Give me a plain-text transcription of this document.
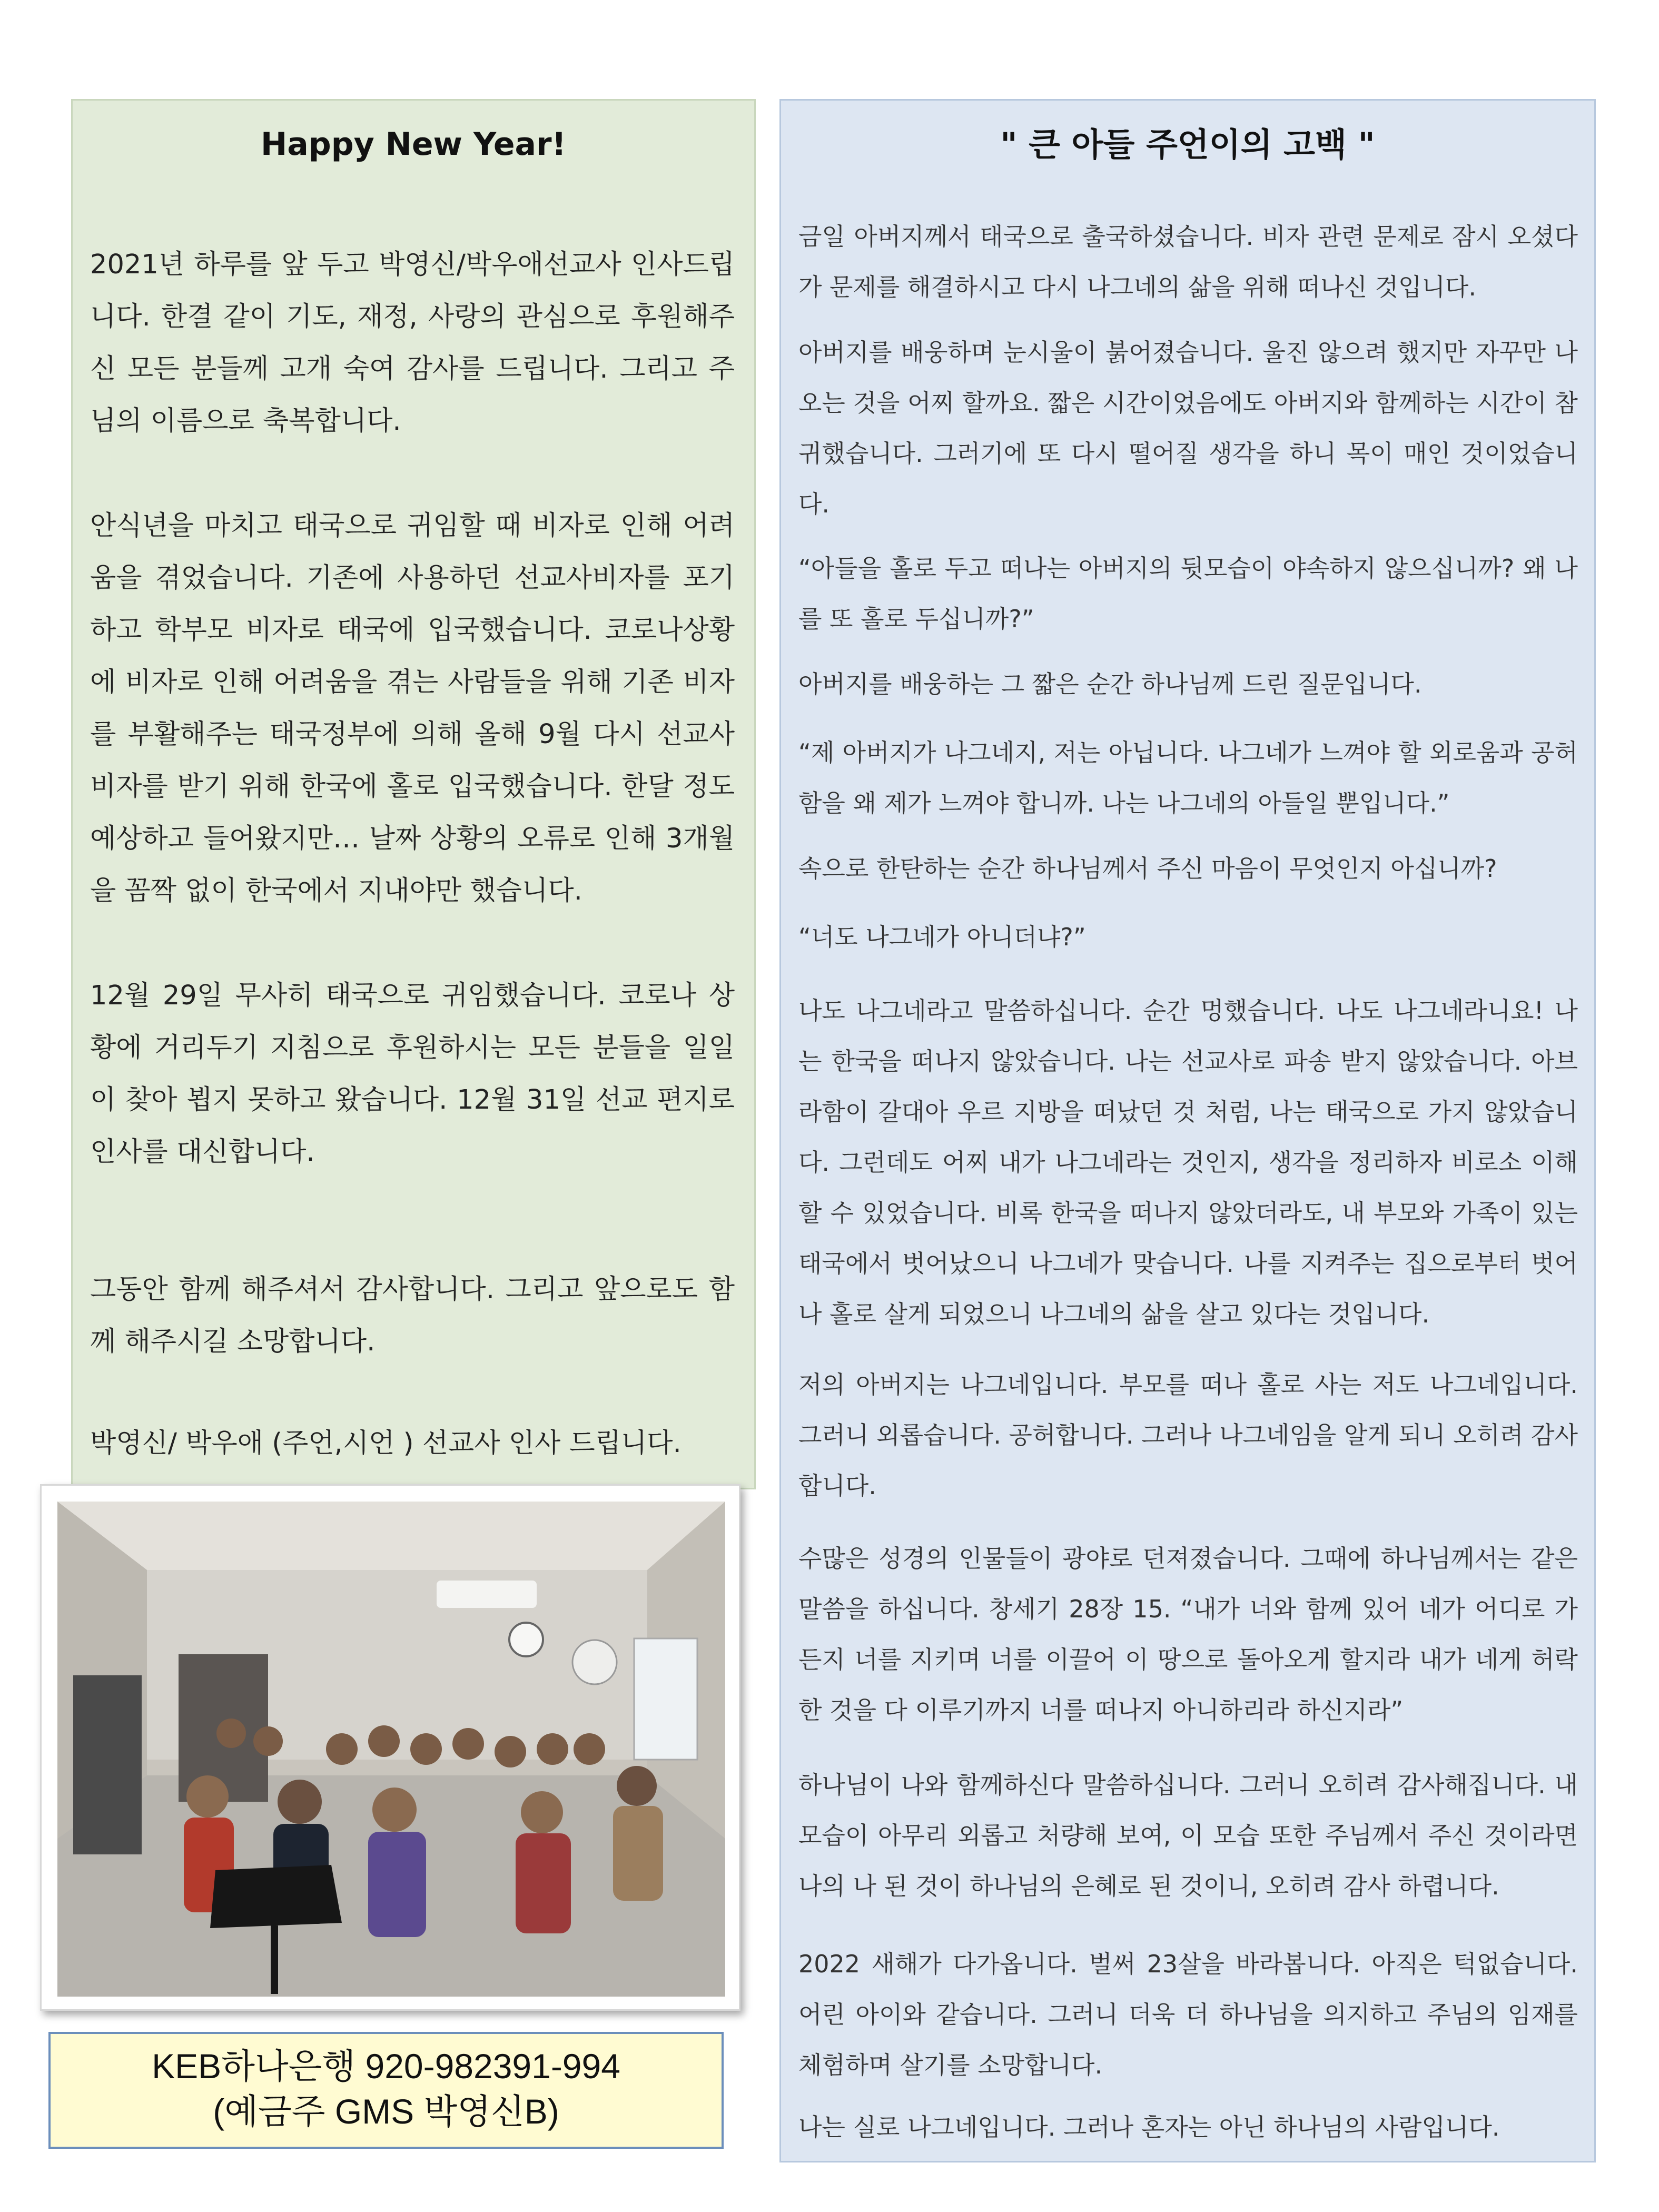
Happy New Year!

2021년 하루를 앞 두고 박영신/박우애선교사 인사드립니다. 한결 같이 기도, 재정, 사랑의 관심으로 후원해주신 모든 분들께 고개 숙여 감사를 드립니다. 그리고 주님의 이름으로 축복합니다.

안식년을 마치고 태국으로 귀임할 때 비자로 인해 어려움을 겪었습니다. 기존에 사용하던 선교사비자를 포기하고 학부모 비자로 태국에 입국했습니다. 코로나상황에 비자로 인해 어려움을 겪는 사람들을 위해 기존 비자를 부활해주는 태국정부에 의해 올해 9월 다시 선교사 비자를 받기 위해 한국에 홀로 입국했습니다. 한달 정도 예상하고 들어왔지만… 날짜 상황의 오류로 인해 3개월을 꼼짝 없이 한국에서 지내야만 했습니다.

12월 29일 무사히 태국으로 귀임했습니다. 코로나 상황에 거리두기 지침으로 후원하시는 모든 분들을 일일이 찾아 뵙지 못하고 왔습니다. 12월 31일 선교 편지로 인사를 대신합니다.

그동안 함께 해주셔서 감사합니다. 그리고 앞으로도 함께 해주시길 소망합니다.

박영신/ 박우애 (주언,시언 ) 선교사 인사 드립니다.

KEB하나은행 920-982391-994
(예금주 GMS 박영신B)
" 큰 아들 주언이의 고백 "

금일 아버지께서 태국으로 출국하셨습니다. 비자 관련 문제로 잠시 오셨다가 문제를 해결하시고 다시 나그네의 삶을 위해 떠나신 것입니다.

아버지를 배웅하며 눈시울이 붉어졌습니다. 울진 않으려 했지만 자꾸만 나오는 것을 어찌 할까요. 짧은 시간이었음에도 아버지와 함께하는 시간이 참 귀했습니다. 그러기에 또 다시 떨어질 생각을 하니 목이 매인 것이었습니다.

“아들을 홀로 두고 떠나는 아버지의 뒷모습이 야속하지 않으십니까? 왜 나를 또 홀로 두십니까?”

아버지를 배웅하는 그 짧은 순간 하나님께 드린 질문입니다.

“제 아버지가 나그네지, 저는 아닙니다. 나그네가 느껴야 할 외로움과 공허함을 왜 제가 느껴야 합니까. 나는 나그네의 아들일 뿐입니다.”

속으로 한탄하는 순간 하나님께서 주신 마음이 무엇인지 아십니까?

“너도 나그네가 아니더냐?”

나도 나그네라고 말씀하십니다. 순간 멍했습니다. 나도 나그네라니요! 나는 한국을 떠나지 않았습니다. 나는 선교사로 파송 받지 않았습니다. 아브라함이 갈대아 우르 지방을 떠났던 것 처럼, 나는 태국으로 가지 않았습니다. 그런데도 어찌 내가 나그네라는 것인지, 생각을 정리하자 비로소 이해할 수 있었습니다. 비록 한국을 떠나지 않았더라도, 내 부모와 가족이 있는 태국에서 벗어났으니 나그네가 맞습니다. 나를 지켜주는 집으로부터 벗어나 홀로 살게 되었으니 나그네의 삶을 살고 있다는 것입니다.

저의 아버지는 나그네입니다. 부모를 떠나 홀로 사는 저도 나그네입니다. 그러니 외롭습니다. 공허합니다. 그러나 나그네임을 알게 되니 오히려 감사합니다.

수많은 성경의 인물들이 광야로 던져졌습니다. 그때에 하나님께서는 같은 말씀을 하십니다. 창세기 28장 15. “내가 너와 함께 있어 네가 어디로 가든지 너를 지키며 너를 이끌어 이 땅으로 돌아오게 할지라 내가 네게 허락한 것을 다 이루기까지 너를 떠나지 아니하리라 하신지라”

하나님이 나와 함께하신다 말씀하십니다. 그러니 오히려 감사해집니다. 내 모습이 아무리 외롭고 처량해 보여, 이 모습 또한 주님께서 주신 것이라면 나의 나 된 것이 하나님의 은혜로 된 것이니, 오히려 감사 하렵니다.

2022 새해가 다가옵니다. 벌써 23살을 바라봅니다. 아직은 턱없습니다. 어린 아이와 같습니다. 그러니 더욱 더 하나님을 의지하고 주님의 임재를 체험하며 살기를 소망합니다.

나는 실로 나그네입니다. 그러나 혼자는 아닌 하나님의 사람입니다.
